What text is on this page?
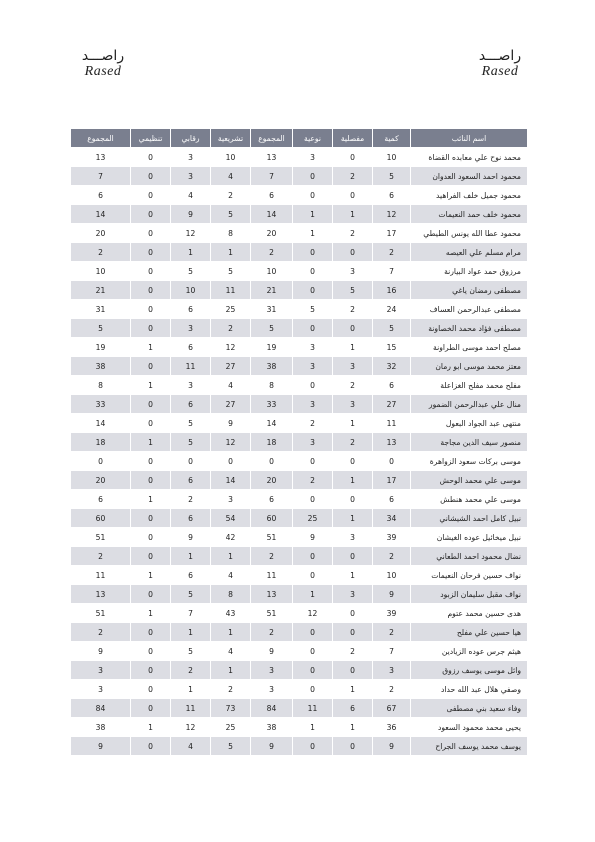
راصـــد
Rased
راصـــد
Rased
اسم النائب	كمية	مفصلية	نوعية	المجموع	تشريعية	رقابي	تنظيمي	المجموع
محمد نوح علي معابده القضاة	10	0	3	13	10	3	0	13
محمود احمد السعود العدوان	5	2	0	7	4	3	0	7
محمود جميل خلف الفراهيد	6	0	0	6	2	4	0	6
محمود خلف حمد النعيمات	12	1	1	14	5	9	0	14
محمود عطا الله يونس الطيطي	17	2	1	20	8	12	0	20
مرام مسلم علي العيصه	2	0	0	2	1	1	0	2
مرزوق حمد عواد البيارنة	7	3	0	10	5	5	0	10
مصطفى رمضان ياغي	16	5	0	21	11	10	0	21
مصطفى عبدالرحمن العساف	24	2	5	31	25	6	0	31
مصطفى فؤاد محمد الخصاونة	5	0	0	5	2	3	0	5
مصلح احمد موسى الطراونة	15	1	3	19	12	6	1	19
معتز محمد موسى ابو رمان	32	3	3	38	27	11	0	38
مفلح محمد مفلح الغزاعلة	6	2	0	8	4	3	1	8
منال علي عبدالرحمن الضمور	27	3	3	33	27	6	0	33
منتهى عبد الجواد البعول	11	1	2	14	9	5	0	14
منصور سيف الدين مجاجة	13	2	3	18	12	5	1	18
موسى بركات سعود الزواهرة	0	0	0	0	0	0	0	0
موسى علي محمد الوحش	17	1	2	20	14	6	0	20
موسى علي محمد هنطش	6	0	0	6	3	2	1	6
نبيل كامل احمد الشيشاني	34	1	25	60	54	6	0	60
نبيل ميخائيل عوده الغيشان	39	3	9	51	42	9	0	51
نضال محمود احمد الطعاني	2	0	0	2	1	1	0	2
نواف حسين فرحان النعيمات	10	1	0	11	4	6	1	11
نواف مقبل سليمان الزبود	9	3	1	13	8	5	0	13
هدى حسين محمد عتوم	39	0	12	51	43	7	1	51
هيا حسين علي مفلح	2	0	0	2	1	1	0	2
هيثم جرس عوده الزيادين	7	2	0	9	4	5	0	9
وائل موسى يوسف رزوق	3	0	0	3	1	2	0	3
وصفي هلال عبد الله حداد	2	1	0	3	2	1	0	3
وفاء سعيد بني مصطفى	67	6	11	84	73	11	0	84
يحيى محمد محمود السعود	36	1	1	38	25	12	1	38
يوسف محمد يوسف الجراح	9	0	0	9	5	4	0	9
